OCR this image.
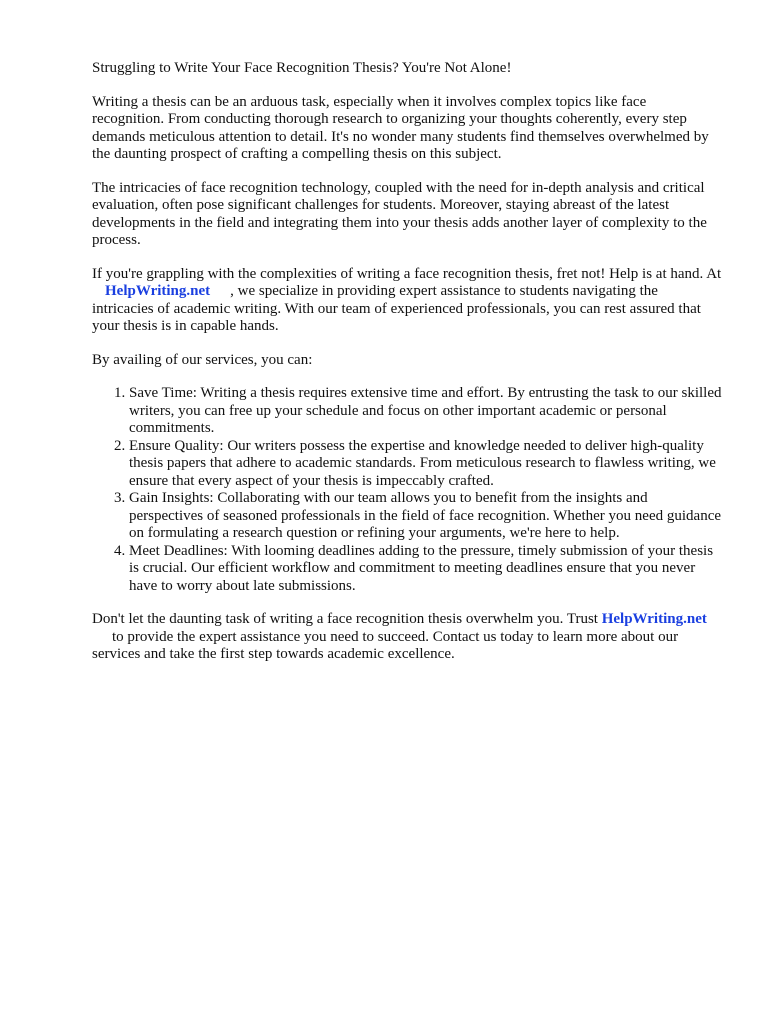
Struggling to Write Your Face Recognition Thesis? You're Not Alone!

Writing a thesis can be an arduous task, especially when it involves complex topics like face recognition. From conducting thorough research to organizing your thoughts coherently, every step demands meticulous attention to detail. It's no wonder many students find themselves overwhelmed by the daunting prospect of crafting a compelling thesis on this subject.

The intricacies of face recognition technology, coupled with the need for in-depth analysis and critical evaluation, often pose significant challenges for students. Moreover, staying abreast of the latest developments in the field and integrating them into your thesis adds another layer of complexity to the process.

If you're grappling with the complexities of writing a face recognition thesis, fret not! Help is at hand. AtHelpWriting.net , we specialize in providing expert assistance to students navigating the intricacies of academic writing. With our team of experienced professionals, you can rest assured that your thesis is in capable hands.

By availing of our services, you can:

1. Save Time: Writing a thesis requires extensive time and effort. By entrusting the task to our skilled writers, you can free up your schedule and focus on other important academic or personal commitments.
2. Ensure Quality: Our writers possess the expertise and knowledge needed to deliver high-quality thesis papers that adhere to academic standards. From meticulous research to flawless writing, we ensure that every aspect of your thesis is impeccably crafted.
3. Gain Insights: Collaborating with our team allows you to benefit from the insights and perspectives of seasoned professionals in the field of face recognition. Whether you need guidance on formulating a research question or refining your arguments, we're here to help.
4. Meet Deadlines: With looming deadlines adding to the pressure, timely submission of your thesis is crucial. Our efficient workflow and commitment to meeting deadlines ensure that you never have to worry about late submissions.

Don't let the daunting task of writing a face recognition thesis overwhelm you. Trust HelpWriting.netto provide the expert assistance you need to succeed. Contact us today to learn more about our services and take the first step towards academic excellence.
